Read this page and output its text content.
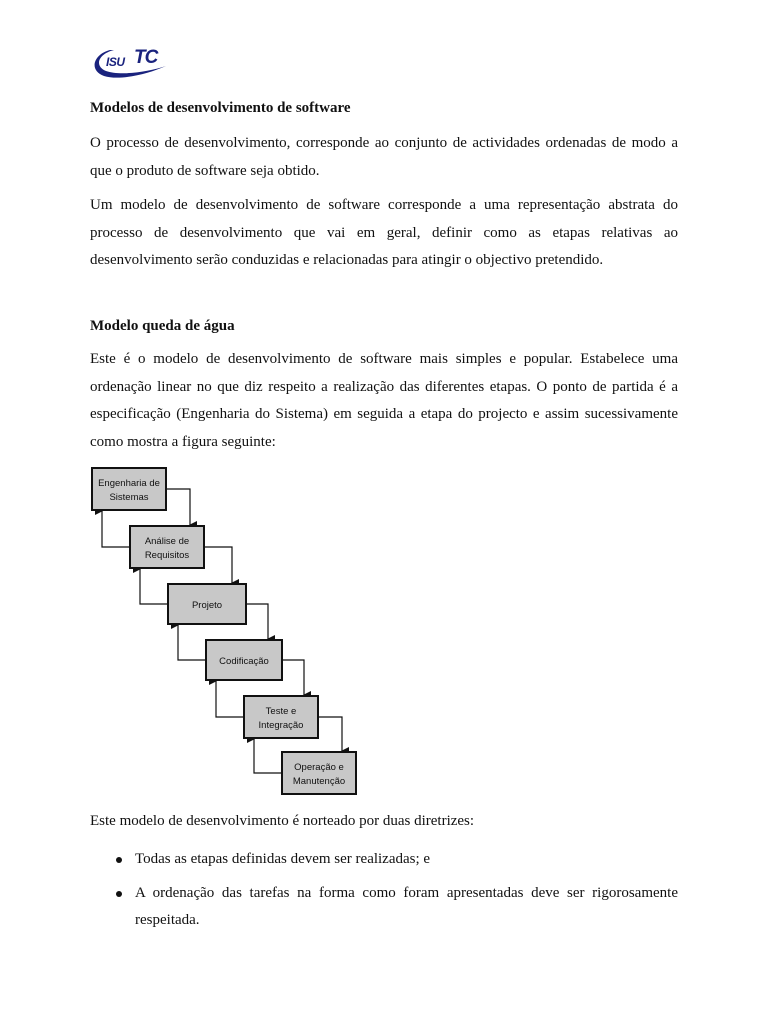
ISU TC
Modelos de desenvolvimento de software

O processo de desenvolvimento, corresponde ao conjunto de actividades ordenadas de modo a que o produto de software seja obtido.

Um modelo de desenvolvimento de software corresponde a uma representação abstrata do processo de desenvolvimento que vai em geral, definir como as etapas relativas ao desenvolvimento serão conduzidas e relacionadas para atingir o objectivo pretendido.

Modelo queda de água

Este é o modelo de desenvolvimento de software mais simples e popular. Estabelece uma ordenação linear no que diz respeito a realização das diferentes etapas. O ponto de partida é a especificação (Engenharia do Sistema) em seguida a etapa do projecto e assim sucessivamente como mostra a figura seguinte:

Engenharia de
Sistemas
Análise de
Requisitos
Projeto
Codificação
Teste e
Integração
Operação e
Manutenção

Este modelo de desenvolvimento é norteado por duas diretrizes:

Todas as etapas definidas devem ser realizadas; e
A ordenação das tarefas na forma como foram apresentadas deve ser rigorosamente respeitada.
